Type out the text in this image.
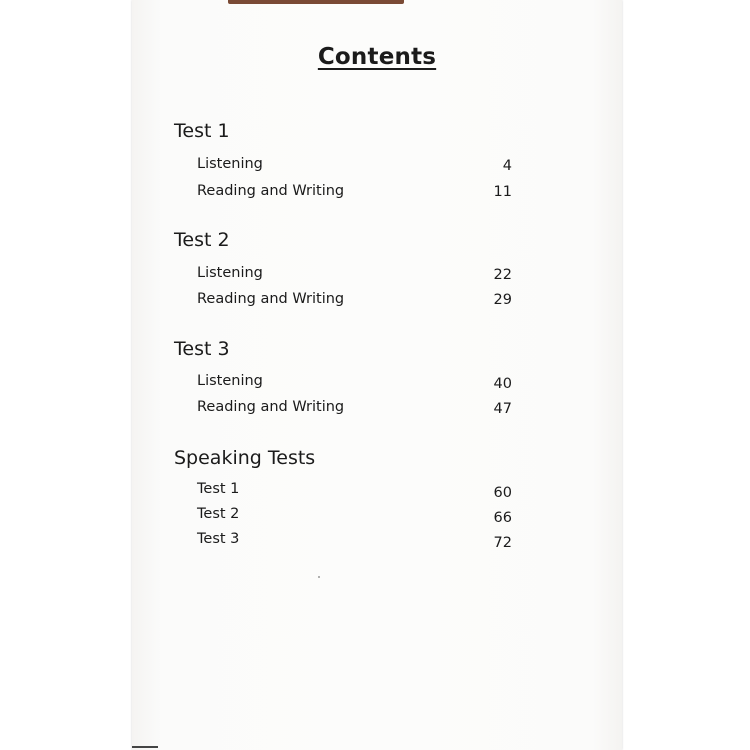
Contents
Test 1
Listening	4
Reading and Writing	11
Test 2
Listening	22
Reading and Writing	29
Test 3
Listening	40
Reading and Writing	47
Speaking Tests
Test 1	60
Test 2	66
Test 3	72
